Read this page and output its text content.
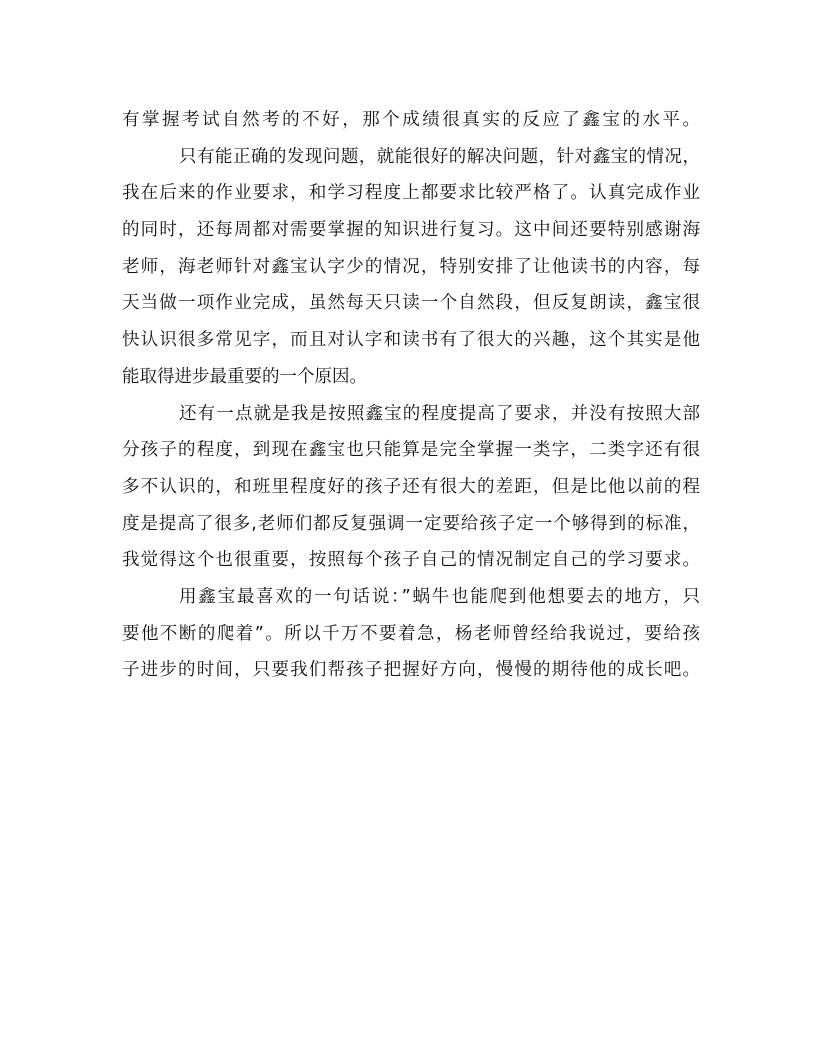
有掌握考试自然考的不好，那个成绩很真实的反应了鑫宝的水平。
只有能正确的发现问题，就能很好的解决问题，针对鑫宝的情况，
我在后来的作业要求，和学习程度上都要求比较严格了。认真完成作业
的同时，还每周都对需要掌握的知识进行复习。这中间还要特别感谢海
老师，海老师针对鑫宝认字少的情况，特别安排了让他读书的内容，每
天当做一项作业完成，虽然每天只读一个自然段，但反复朗读，鑫宝很
快认识很多常见字，而且对认字和读书有了很大的兴趣，这个其实是他
能取得进步最重要的一个原因。
还有一点就是我是按照鑫宝的程度提高了要求，并没有按照大部
分孩子的程度，到现在鑫宝也只能算是完全掌握一类字，二类字还有很
多不认识的，和班里程度好的孩子还有很大的差距，但是比他以前的程
度是提高了很多,老师们都反复强调一定要给孩子定一个够得到的标准，
我觉得这个也很重要，按照每个孩子自己的情况制定自己的学习要求。
用鑫宝最喜欢的一句话说：”蜗牛也能爬到他想要去的地方，只
要他不断的爬着”。所以千万不要着急，杨老师曾经给我说过，要给孩
子进步的时间，只要我们帮孩子把握好方向，慢慢的期待他的成长吧。
